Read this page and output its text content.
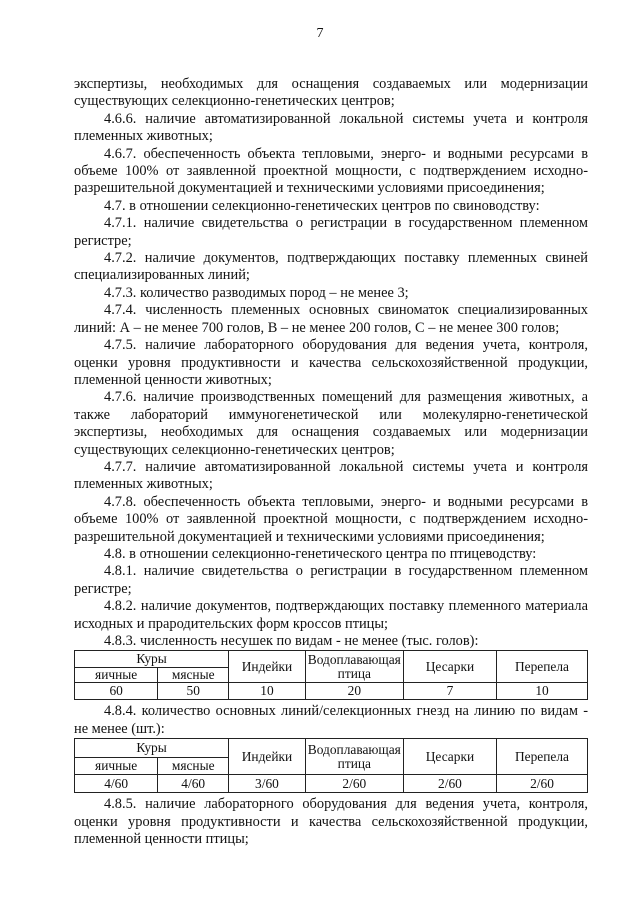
7

экспертизы, необходимых для оснащения создаваемых или модернизации существующих селекционно-генетических центров;

4.6.6. наличие автоматизированной локальной системы учета и контроля племенных животных;

4.6.7. обеспеченность объекта тепловыми, энерго- и водными ресурсами в объеме 100% от заявленной проектной мощности, с подтверждением исходно-разрешительной документацией и техническими условиями присоединения;

4.7. в отношении селекционно-генетических центров по свиноводству:

4.7.1. наличие свидетельства о регистрации в государственном племенном регистре;

4.7.2. наличие документов, подтверждающих поставку племенных свиней специализированных линий;

4.7.3. количество разводимых пород – не менее 3;

4.7.4. численность племенных основных свиноматок специализированных линий: А – не менее 700 голов, В – не менее 200 голов, С – не менее 300 голов;

4.7.5. наличие лабораторного оборудования для ведения учета, контроля, оценки уровня продуктивности и качества сельскохозяйственной продукции, племенной ценности животных;

4.7.6. наличие производственных помещений для размещения животных, а также лабораторий иммуногенетической или молекулярно-генетической экспертизы, необходимых для оснащения создаваемых или модернизации существующих селекционно-генетических центров;

4.7.7. наличие автоматизированной локальной системы учета и контроля племенных животных;

4.7.8. обеспеченность объекта тепловыми, энерго- и водными ресурсами в объеме 100% от заявленной проектной мощности, с подтверждением исходно-разрешительной документацией и техническими условиями присоединения;

4.8. в отношении селекционно-генетического центра по птицеводству:

4.8.1. наличие свидетельства о регистрации в государственном племенном регистре;

4.8.2. наличие документов, подтверждающих поставку племенного материала исходных и прародительских форм кроссов птицы;

4.8.3. численность несушек по видам - не менее (тыс. голов):

Куры		Индейки	Водоплавающая птица	Цесарки	Перепела
яичные	мясные				
60	50	10	20	7	10

4.8.4. количество основных линий/селекционных гнезд на линию по видам - не менее (шт.):

Куры		Индейки	Водоплавающая птица	Цесарки	Перепела
яичные	мясные				
4/60	4/60	3/60	2/60	2/60	2/60

4.8.5. наличие лабораторного оборудования для ведения учета, контроля, оценки уровня продуктивности и качества сельскохозяйственной продукции, племенной ценности птицы;
